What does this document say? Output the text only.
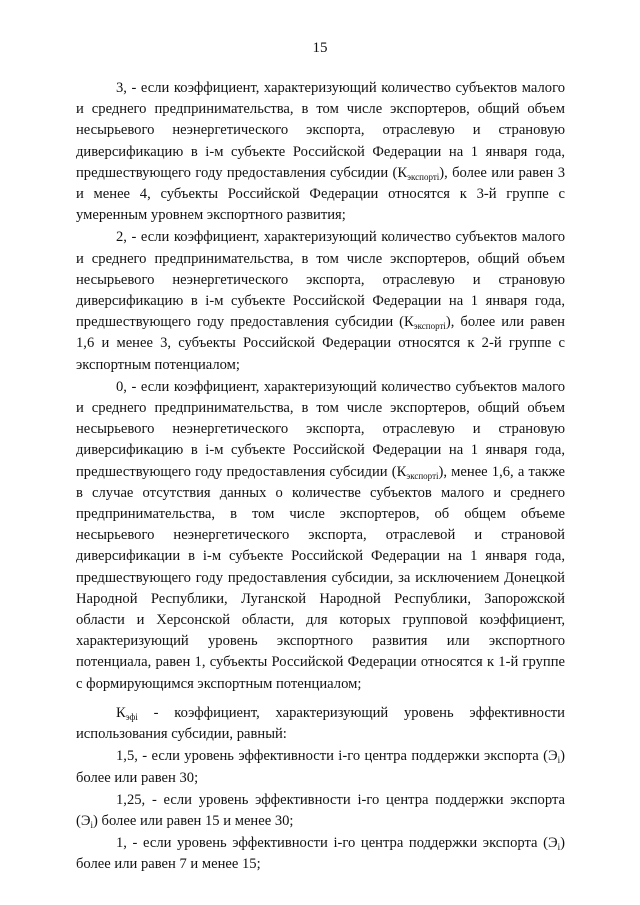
15

3, - если коэффициент, характеризующий количество субъектов малого и среднего предпринимательства, в том числе экспортеров, общий объем несырьевого неэнергетического экспорта, отраслевую и страновую диверсификацию в i-м субъекте Российской Федерации на 1 января года, предшествующего году предоставления субсидии $(К_{экспортi})$, более или равен 3 и менее 4, субъекты Российской Федерации относятся к 3-й группе с умеренным уровнем экспортного развития;

2, - если коэффициент, характеризующий количество субъектов малого и среднего предпринимательства, в том числе экспортеров, общий объем несырьевого неэнергетического экспорта, отраслевую и страновую диверсификацию в i-м субъекте Российской Федерации на 1 января года, предшествующего году предоставления субсидии $(К_{экспортi})$, более или равен 1,6 и менее 3, субъекты Российской Федерации относятся к 2-й группе с экспортным потенциалом;

0, - если коэффициент, характеризующий количество субъектов малого и среднего предпринимательства, в том числе экспортеров, общий объем несырьевого неэнергетического экспорта, отраслевую и страновую диверсификацию в i-м субъекте Российской Федерации на 1 января года, предшествующего году предоставления субсидии $(К_{экспортi})$, менее 1,6, а также в случае отсутствия данных о количестве субъектов малого и среднего предпринимательства, в том числе экспортеров, об общем объеме несырьевого неэнергетического экспорта, отраслевой и страновой диверсификации в i-м субъекте Российской Федерации на 1 января года, предшествующего году предоставления субсидии, за исключением Донецкой Народной Республики, Луганской Народной Республики, Запорожской области и Херсонской области, для которых групповой коэффициент, характеризующий уровень экспортного развития или экспортного потенциала, равен 1, субъекты Российской Федерации относятся к 1-й группе с формирующимся экспортным потенциалом;

$К_{эфi}$ - коэффициент, характеризующий уровень эффективности использования субсидии, равный:

1,5, - если уровень эффективности i-го центра поддержки экспорта $(Э_i)$ более или равен 30;

1,25, - если уровень эффективности i-го центра поддержки экспорта $(Э_i)$ более или равен 15 и менее 30;

1, - если уровень эффективности i-го центра поддержки экспорта $(Э_i)$ более или равен 7 и менее 15;
